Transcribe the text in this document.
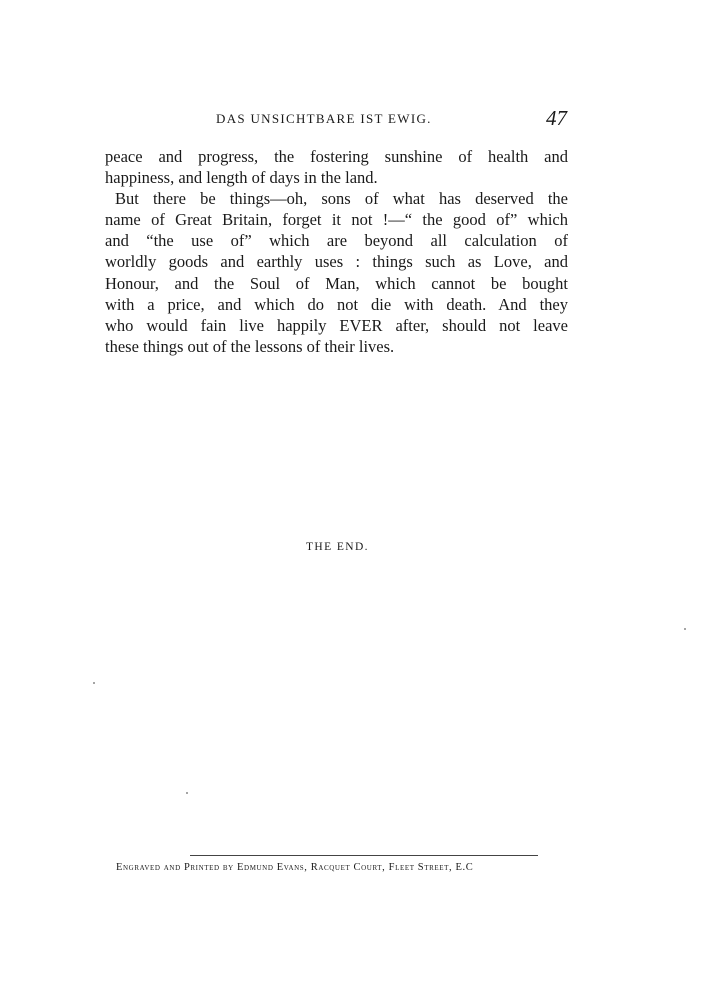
DAS UNSICHTBARE IST EWIG.	47

peace and progress, the fostering sunshine of health and

happiness, and length of days in the land.

But there be things—oh, sons of what has deserved the

name of Great Britain, forget it not !—“ the good of” which

and “the use of” which are beyond all calculation of

worldly goods and earthly uses : things such as Love, and

Honour, and the Soul of Man, which cannot be bought

with a price, and which do not die with death. And they

who would fain live happily EVER after, should not leave

these things out of the lessons of their lives.

THE END.
Engraved and Printed by Edmund Evans, Racquet Court, Fleet Street, E.C
